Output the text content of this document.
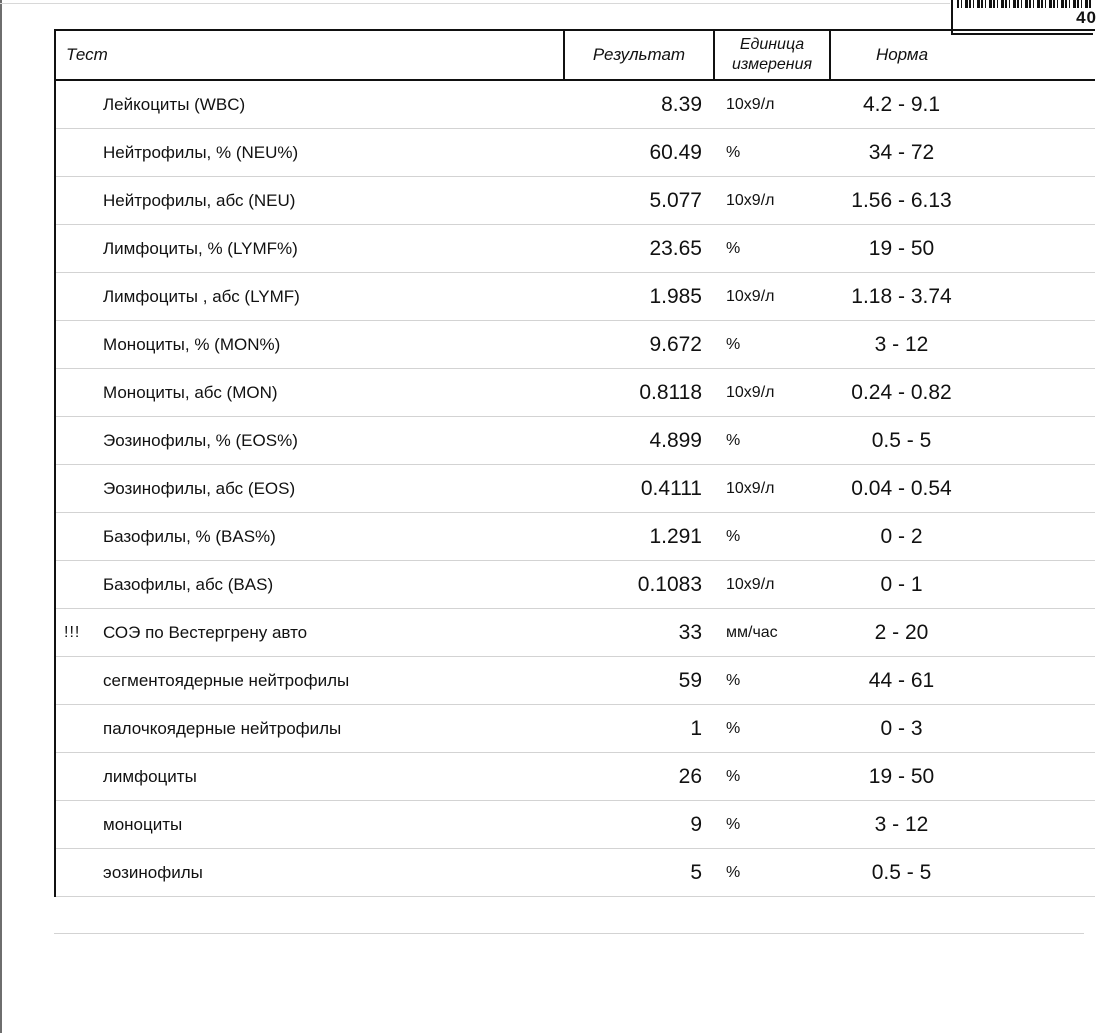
40
Тест		Результат	Единица
измерения	Норма
	Лейкоциты (WBC)	8.39	10x9/л	4.2 - 9.1
	Нейтрофилы, % (NEU%)	60.49	%	34 - 72
	Нейтрофилы, абс (NEU)	5.077	10x9/л	1.56 - 6.13
	Лимфоциты, % (LYMF%)	23.65	%	19 - 50
	Лимфоциты , абс (LYMF)	1.985	10x9/л	1.18 - 3.74
	Моноциты, % (MON%)	9.672	%	3 - 12
	Моноциты, абс (MON)	0.8118	10x9/л	0.24 - 0.82
	Эозинофилы, % (EOS%)	4.899	%	0.5 - 5
	Эозинофилы, абс (EOS)	0.4111	10x9/л	0.04 - 0.54
	Базофилы, % (BAS%)	1.291	%	0 - 2
	Базофилы, абс (BAS)	0.1083	10x9/л	0 - 1
!!!	СОЭ по Вестергрену авто	33	мм/час	2 - 20
	сегментоядерные нейтрофилы	59	%	44 - 61
	палочкоядерные нейтрофилы	1	%	0 - 3
	лимфоциты	26	%	19 - 50
	моноциты	9	%	3 - 12
	эозинофилы	5	%	0.5 - 5
